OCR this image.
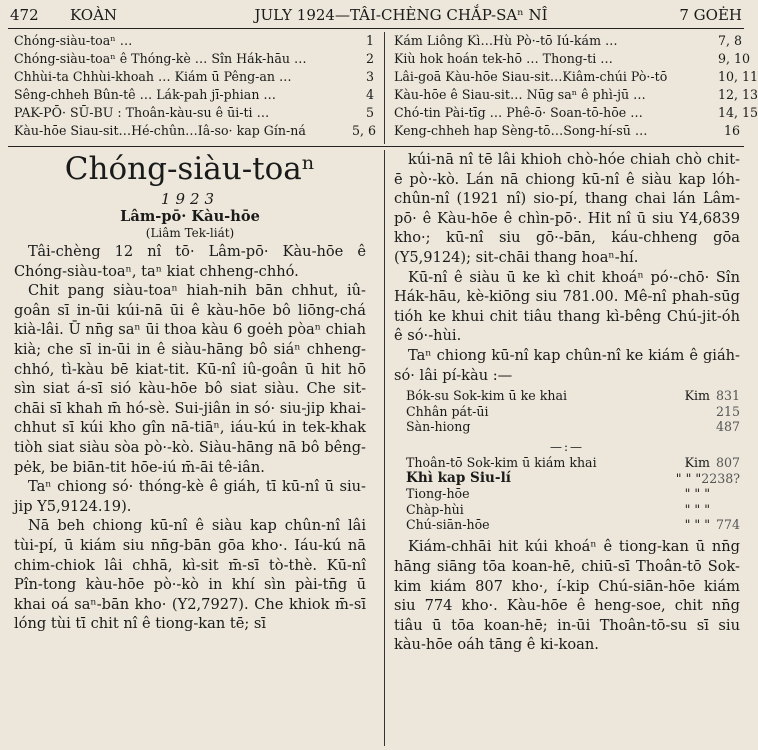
472	KOÀN	JULY 1924—TÂI-CHÈNG CHẮP-SAⁿ NÎ	7 GOĖH
Chóng-siàu-toaⁿ …	1
Chóng-siàu-toaⁿ ê Thóng-kè … Sîn Hák-hāu …	2
Chhùi-ta Chhùi-khoah … Kiám ū Pêng-an …	3
Sêng-chheh Bûn-tê … Lák-pah jī-phian …	4
PAK-PŌ· SŪ-BU : Thoân-kàu-su ê ūi-ti …	5
Kàu-hōe Siau-sit…Hé-chûn…Iâ-so· kap Gín-ná	5, 6
Kám Liông Kì…Hù Pò·-tō Iú-kám …	7, 8
Kiù hok hoán tek-hō … Thong-ti …	9, 10
Lâi-goā Kàu-hōe Siau-sit…Kiâm-chúi Pò·-tō	10, 11
Kàu-hōe ê Siau-sit… Nūg saⁿ ê phì-jū …	12, 13
Chó-tin Pài-tīg … Phê-ō· Soan-tō-hōe …	14, 15
Keng-chheh hap Sèng-tō…Song-hí-sū …	16
Chóng-siàu-toaⁿ
1923
Lâm-pō· Kàu-hōe
(Liâm Tek-liát)

Tâi-chèng 12 nî tō· Lâm-pō· Kàu-hōe ê Chóng-siàu-toaⁿ, taⁿ kiat chheng-chhó.

Chit pang siàu-toaⁿ hiah-nih bān chhut, iû-goân sī in-ūi kúi-nā ūi ê kàu-hōe bô liōng-chá kià-lâi. Ū nn̄g saⁿ ūi thoa kàu 6 goėh pòaⁿ chiah kià; che sī in-ūi in ê siàu-hāng bô siáⁿ chheng-chhó, tì-kàu bē kiat-tit. Kū-nî iû-goân ū hit hō sìn siat á-sī sió kàu-hōe bô siat siàu. Che sit-chāi sī khah m̄ hó-sè. Sui-jiân in só· siu-jip khai-chhut sī kúi kho gîn nā-tiāⁿ, iáu-kú in tek-khak tiòh siat siàu sòa pò·-kò. Siàu-hāng nā bô bêng-pėk, be biān-tit hōe-iú m̄-āi tê-iân.

Taⁿ chiong só· thóng-kè ê giáh, tī kū-nî ū siu-jip Y5,9124.19).

Nā beh chiong kū-nî ê siàu kap chûn-nî lâi tùi-pí, ū kiám siu nn̄g-bān gōa kho·. Iáu-kú nā chim-chiok lâi chhā, kì-sit m̄-sī tò-thè. Kū-nî Pîn-tong kàu-hōe pò·-kò in khí sìn pài-tn̄g ū khai oá saⁿ-bān kho· (Y2,7927). Che khiok m̄-sī lóng tùi tī chit nî ê tiong-kan tē; sī

kúi-nā nî tē lâi khioh chò-hóe chiah chò chit-ē pò·-kò. Lán nā chiong kū-nî ê siàu kap lóh-chûn-nî (1921 nî) sio-pí, thang chai lán Lâm-pō· ê Kàu-hōe ê chìn-pō·. Hit nî ū siu Y4,6839 kho·; kū-nî siu gō·-bān, káu-chheng gōa (Y5,9124); sit-chāi thang hoaⁿ-hí.

Kū-nî ê siàu ū ke kì chit khoáⁿ pó·-chō· Sîn Hák-hāu, kè-kiōng siu 781.00. Mê-nî phah-sūg tióh ke khui chit tiâu thang kì-bêng Chú-jit-óh ê só·-hùi.

Taⁿ chiong kū-nî kap chûn-nî ke kiám ê giáh-só· lâi pí-kàu :—

Bók-su Sok-kim ū ke khai	Kim 831
Chhân pát-ūi	215
Sàn-hiong	487
—:—
Thoân-tō Sok-kim ū kiám khai	Kim 807
Khì kap Siu-lí	" " " 2238?
Tiong-hōe	" " "
Chàp-hùi	" " "
Chú-siān-hōe	" " " 774

Kiám-chhāi hit kúi khoáⁿ ê tiong-kan ū nn̄g hāng siāng tōa koan-hē, chiū-sī Thoân-tō Sok-kim kiám 807 kho·, í-kip Chú-siān-hōe kiám siu 774 kho·. Kàu-hōe ê heng-soe, chit nn̄g tiâu ū tōa koan-hē; in-ūi Thoân-tō-su sī siu kàu-hōe oáh tāng ê ki-koan.
